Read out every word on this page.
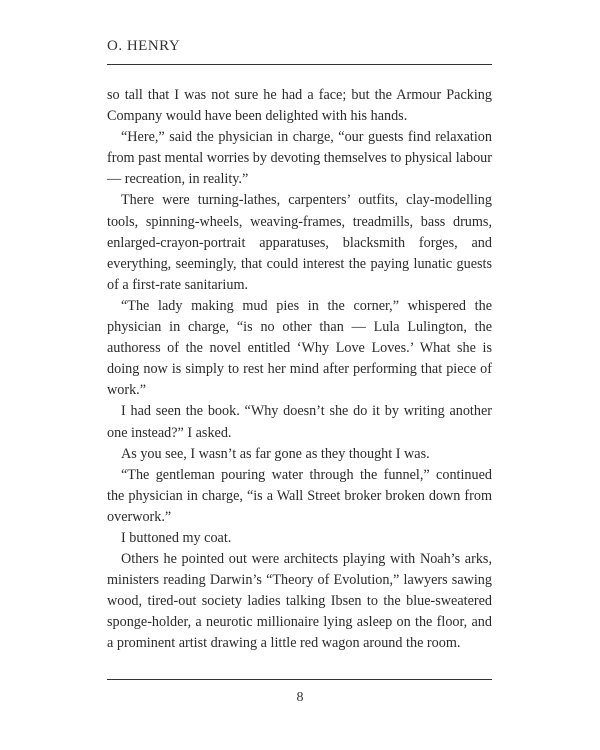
O. HENRY

so tall that I was not sure he had a face; but the Armour Packing Company would have been delighted with his hands.

“Here,” said the physician in charge, “our guests find relaxation from past mental worries by devoting themselves to physical labour — recreation, in reality.”

There were turning-lathes, carpenters’ outfits, clay-modelling tools, spinning-wheels, weaving-frames, treadmills, bass drums, enlarged-crayon-portrait apparatuses, blacksmith forges, and everything, seemingly, that could interest the paying lunatic guests of a first-rate sanitarium.

“The lady making mud pies in the corner,” whispered the physician in charge, “is no other than — Lula Lulington, the authoress of the novel entitled ‘Why Love Loves.’ What she is doing now is simply to rest her mind after performing that piece of work.”

I had seen the book. “Why doesn’t she do it by writing another one instead?” I asked.

As you see, I wasn’t as far gone as they thought I was.

“The gentleman pouring water through the funnel,” continued the physician in charge, “is a Wall Street broker broken down from overwork.”

I buttoned my coat.

Others he pointed out were architects playing with Noah’s arks, ministers reading Darwin’s “Theory of Evolution,” lawyers sawing wood, tired-out society ladies talking Ibsen to the blue-sweatered sponge-holder, a neurotic millionaire lying asleep on the floor, and a prominent artist drawing a little red wagon around the room.

8
